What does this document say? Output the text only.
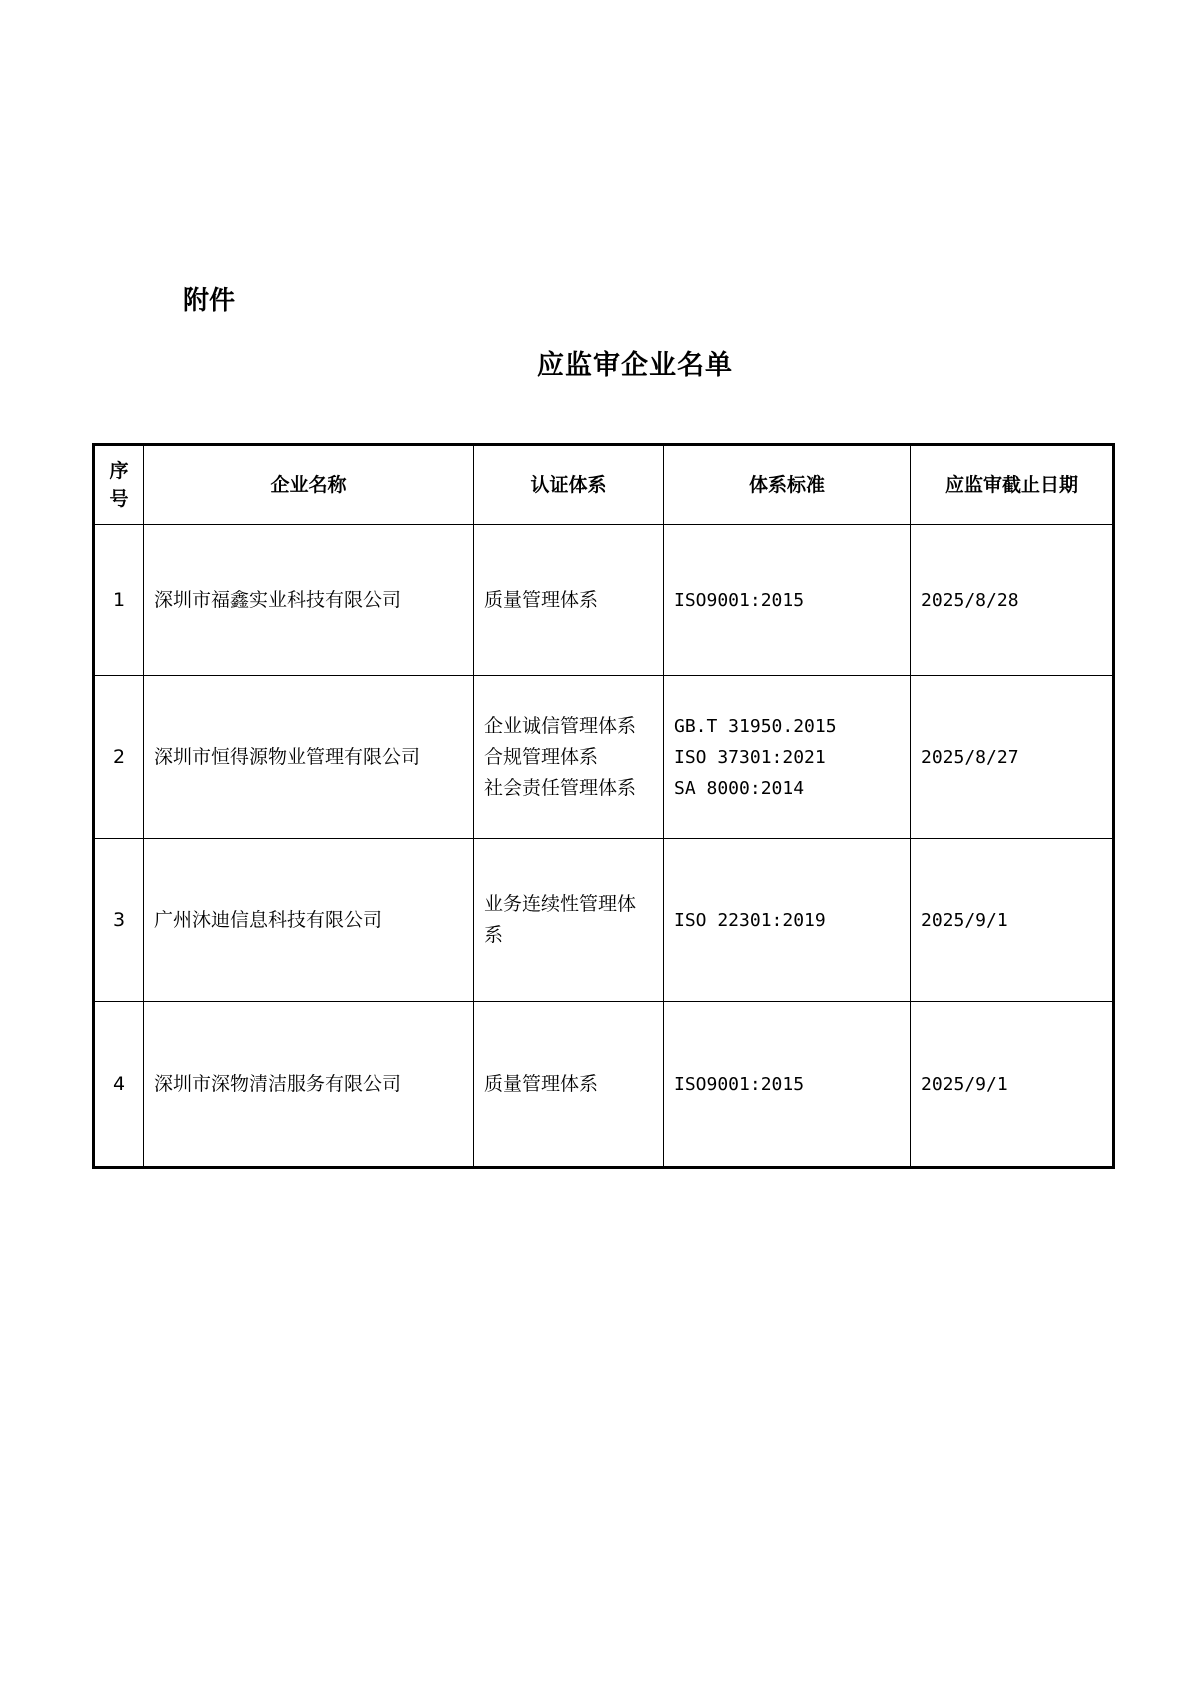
附件
应监审企业名单
序
号	企业名称	认证体系	体系标准	应监审截止日期
1	深圳市福鑫实业科技有限公司	质量管理体系	ISO9001:2015	2025/8/28
2	深圳市恒得源物业管理有限公司	企业诚信管理体系
合规管理体系
社会责任管理体系	GB.T 31950.2015
ISO 37301:2021
SA 8000:2014	2025/8/27
3	广州沐迪信息科技有限公司	业务连续性管理体系	ISO 22301:2019	2025/9/1
4	深圳市深物清洁服务有限公司	质量管理体系	ISO9001:2015	2025/9/1
